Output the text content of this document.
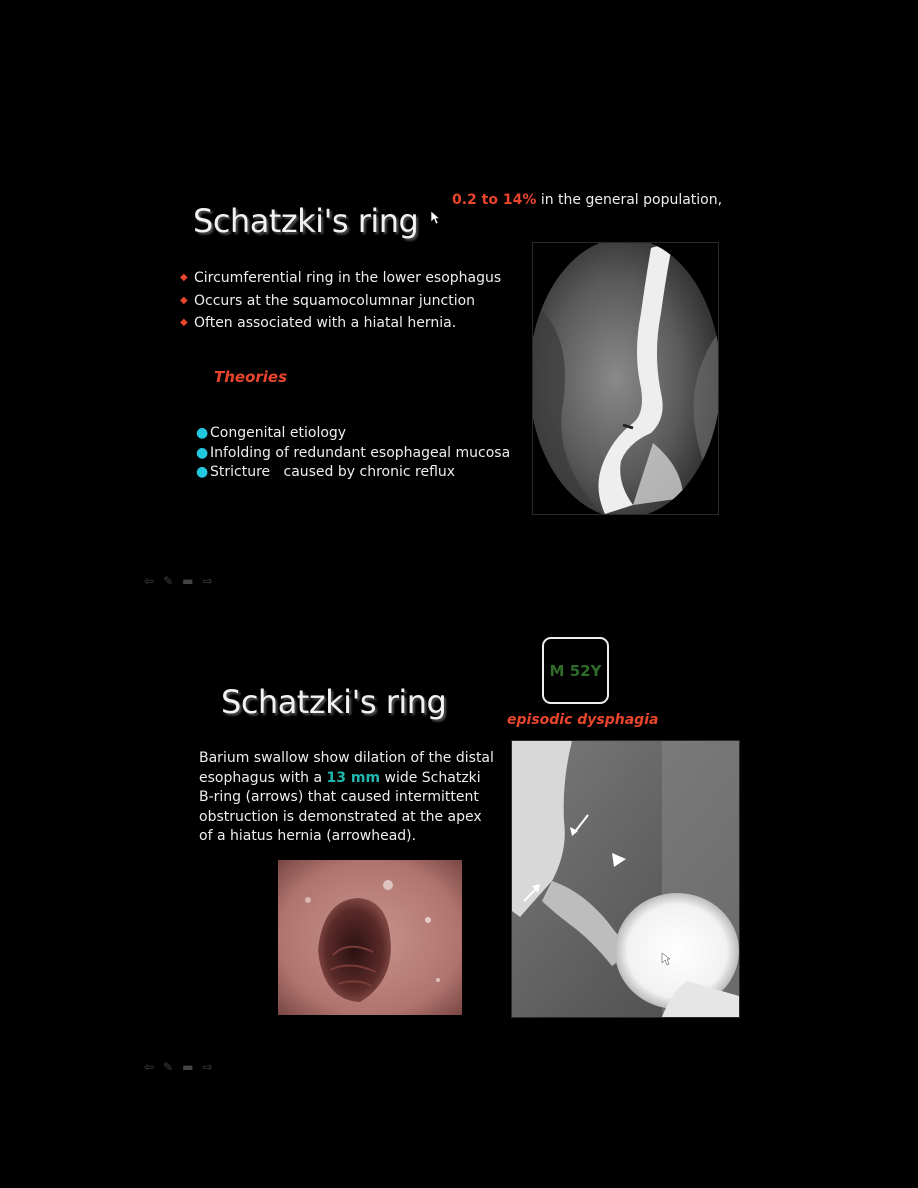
0.2 to 14% in the general population,
Schatzki's ring
◆ Circumferential ring in the lower esophagus
◆ Occurs at the squamocolumnar junction
◆ Often associated with a hiatal hernia.
Theories
● Congenital etiology
● Infolding of redundant esophageal mucosa
● Stricture   caused by chronic reflux
⇦ ✎ ▬ ⇨
M 52Y
Schatzki's ring	episodic dysphagia
Barium swallow show dilation of the distal esophagus with a 13 mm wide Schatzki B-ring (arrows) that caused intermittent obstruction is demonstrated at the apex of a hiatus hernia (arrowhead).
⇦ ✎ ▬ ⇨
